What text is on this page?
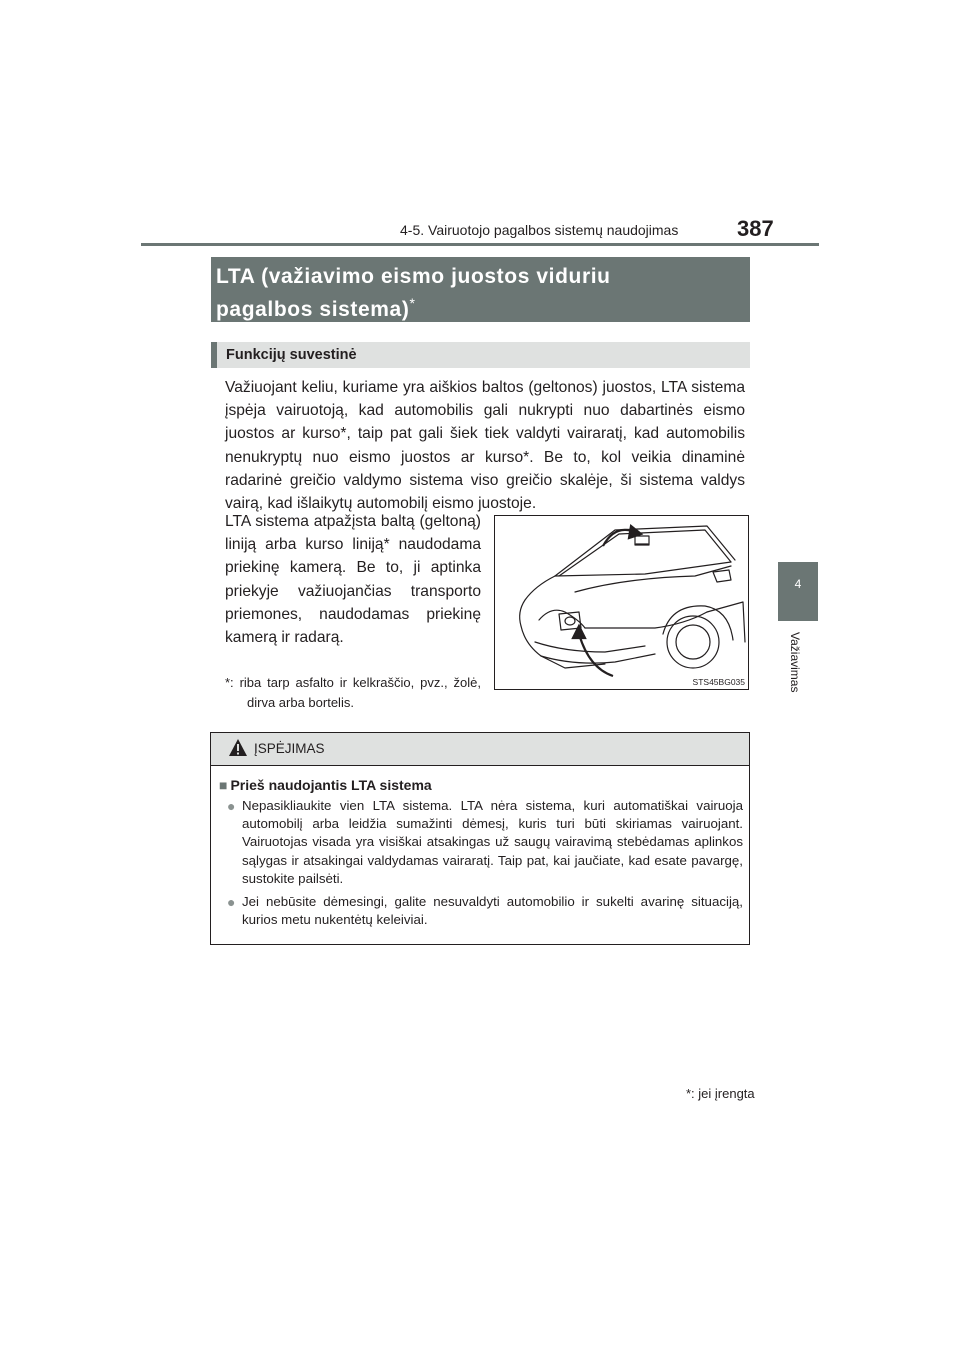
4-5. Vairuotojo pagalbos sistemų naudojimas	387
4
Važiavimas
LTA (važiavimo eismo juostos viduriu
pagalbos sistema)*
Funkcijų suvestinė
Važiuojant keliu, kuriame yra aiškios baltos (geltonos) juostos, LTA sistema įspėja vairuotoją, kad automobilis gali nukrypti nuo dabartinės eismo juostos ar kurso*, taip pat gali šiek tiek valdyti vairaratį, kad automobilis nenukryptų nuo eismo juostos ar kurso*. Be to, kol veikia dinaminė radarinė greičio valdymo sistema viso greičio skalėje, ši sistema valdys vairą, kad išlaikytų automobilį eismo juostoje.
LTA sistema atpažįsta baltą (geltoną) liniją arba kurso liniją* naudodama priekinę kamerą. Be to, ji aptinka priekyje važiuojančias transporto priemones, naudodamas priekinę kamerą ir radarą.
*: riba tarp asfalto ir kelkraščio, pvz., žolė, dirva arba bortelis.
STS45BG035
ĮSPĖJIMAS
■ Prieš naudojantis LTA sistema
● Nepasikliaukite vien LTA sistema. LTA nėra sistema, kuri automatiškai vairuoja automobilį arba leidžia sumažinti dėmesį, kuris turi būti skiriamas vairuojant. Vairuotojas visada yra visiškai atsakingas už saugų vairavimą stebėdamas aplinkos sąlygas ir atsakingai valdydamas vairaratį. Taip pat, kai jaučiate, kad esate pavargę, sustokite pailsėti.
● Jei nebūsite dėmesingi, galite nesuvaldyti automobilio ir sukelti avarinę situaciją, kurios metu nukentėtų keleiviai.
*: jei įrengta
